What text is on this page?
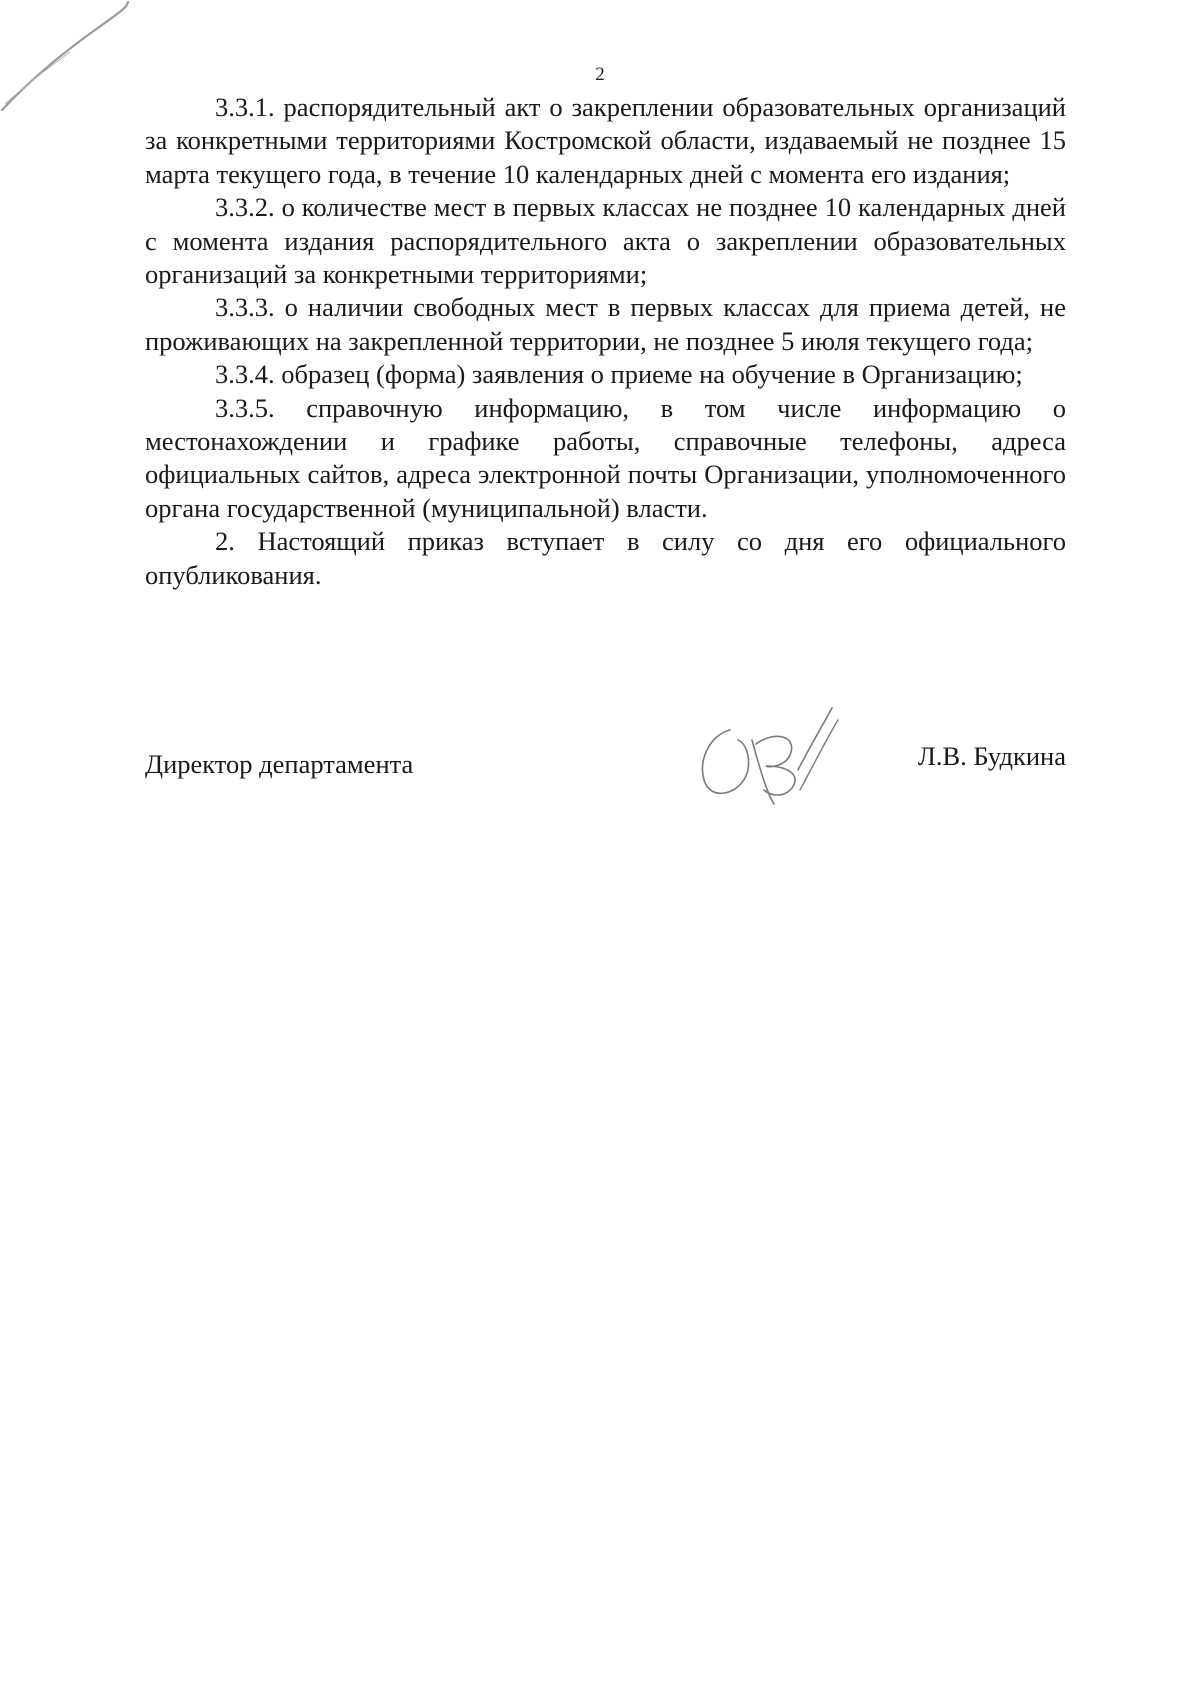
2

3.3.1. распорядительный акт о закреплении образовательных организаций за конкретными территориями Костромской области, издаваемый не позднее 15 марта текущего года, в течение 10 календарных дней с момента его издания;

3.3.2. о количестве мест в первых классах не позднее 10 календарных дней с момента издания распорядительного акта о закреплении образовательных организаций за конкретными территориями;

3.3.3. о наличии свободных мест в первых классах для приема детей, не проживающих на закрепленной территории, не позднее 5 июля текущего года;

3.3.4. образец (форма) заявления о приеме на обучение в Организацию;

3.3.5. справочную информацию, в том числе информацию о местонахождении и графике работы, справочные телефоны, адреса официальных сайтов, адреса электронной почты Организации, уполномоченного органа государственной (муниципальной) власти.

2. Настоящий приказ вступает в силу со дня его официального опубликования.

Директор департамента	Л.В. Будкина
